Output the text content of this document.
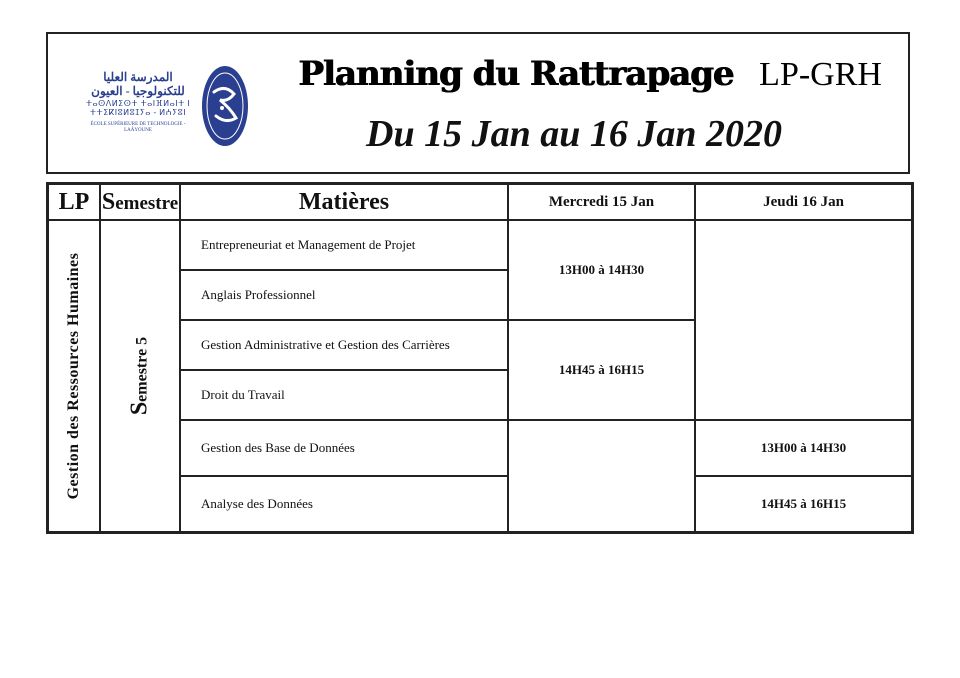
المدرسة العليا للتكنولوجيا - العيون
ⵜⴰⵙⴷⵍⵉⵙⵜ ⵜⴰⵏⴼⵍⴰⵏⵜ ⵏ ⵜⵜⵉⴽⵏⵓⵍⵓⵊⵢⴰ - ⵍⵄⵢⵓⵏ
ÉCOLE SUPÉRIEURE DE TECHNOLOGIE - LAÂYOUNE
Planning du Rattrapage LP-GRH
Du 15 Jan au 16 Jan 2020
LP	Semestre	Matières	Mercredi 15 Jan	Jeudi 16 Jan

Gestion des Ressources Humaines	Semestre 5	Entrepreneuriat et Management de Projet	13H00 à 14H30	
		Anglais Professionnel		
		Gestion Administrative et Gestion des Carrières	14H45 à 16H15	
		Droit du Travail		
		Gestion des Base de Données		13H00 à 14H30
		Analyse des Données		14H45 à 16H15
